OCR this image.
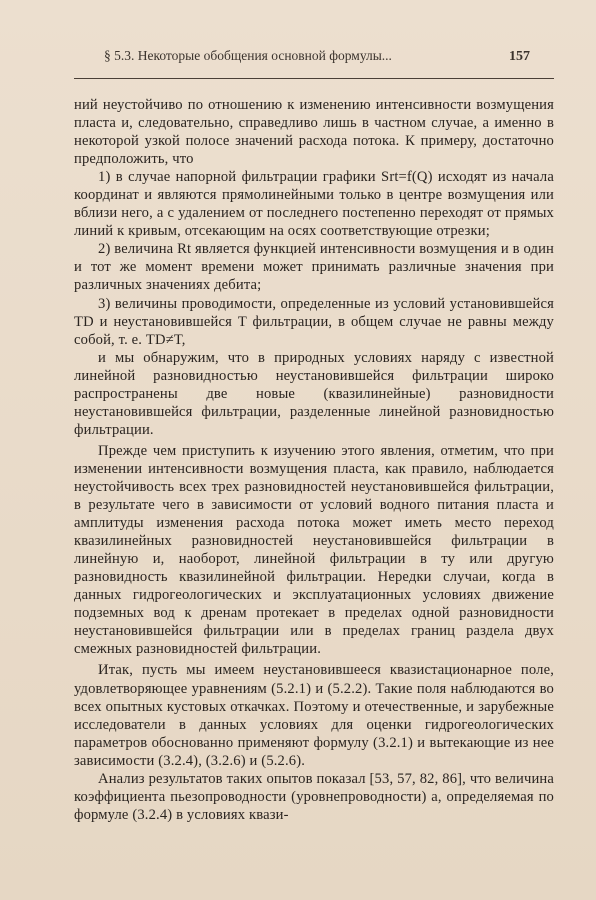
§ 5.3. Некоторые обобщения основной формулы...	157

ний неустойчиво по отношению к изменению интенсивности возмущения пласта и, следовательно, справедливо лишь в частном случае, а именно в некоторой узкой полосе значений расхода потока. К примеру, достаточно предположить, что

1) в случае напорной фильтрации графики Srt=f(Q) исходят из начала координат и являются прямолинейными только в центре возмущения или вблизи него, а с удалением от последнего постепенно переходят от прямых линий к кривым, отсекающим на осях соответствующие отрезки;

2) величина Rt является функцией интенсивности возмущения и в один и тот же момент времени может принимать различные значения при различных значениях дебита;

3) величины проводимости, определенные из условий установившейся TD и неустановившейся T фильтрации, в общем случае не равны между собой, т. е. TD≠T,

и мы обнаружим, что в природных условиях наряду с известной линейной разновидностью неустановившейся фильтрации широко распространены две новые (квазилинейные) разновидности неустановившейся фильтрации, разделенные линейной разновидностью фильтрации.

Прежде чем приступить к изучению этого явления, отметим, что при изменении интенсивности возмущения пласта, как правило, наблюдается неустойчивость всех трех разновидностей неустановившейся фильтрации, в результате чего в зависимости от условий водного питания пласта и амплитуды изменения расхода потока может иметь место переход квазилинейных разновидностей неустановившейся фильтрации в линейную и, наоборот, линейной фильтрации в ту или другую разновидность квазилинейной фильтрации. Нередки случаи, когда в данных гидрогеологических и эксплуатационных условиях движение подземных вод к дренам протекает в пределах одной разновидности неустановившейся фильтрации или в пределах границ раздела двух смежных разновидностей фильтрации.

Итак, пусть мы имеем неустановившееся квазистационарное поле, удовлетворяющее уравнениям (5.2.1) и (5.2.2). Такие поля наблюдаются во всех опытных кустовых откачках. Поэтому и отечественные, и зарубежные исследователи в данных условиях для оценки гидрогеологических параметров обоснованно применяют формулу (3.2.1) и вытекающие из нее зависимости (3.2.4), (3.2.6) и (5.2.6).

Анализ результатов таких опытов показал [53, 57, 82, 86], что величина коэффициента пьезопроводности (уровнепроводности) a, определяемая по формуле (3.2.4) в условиях квази-
